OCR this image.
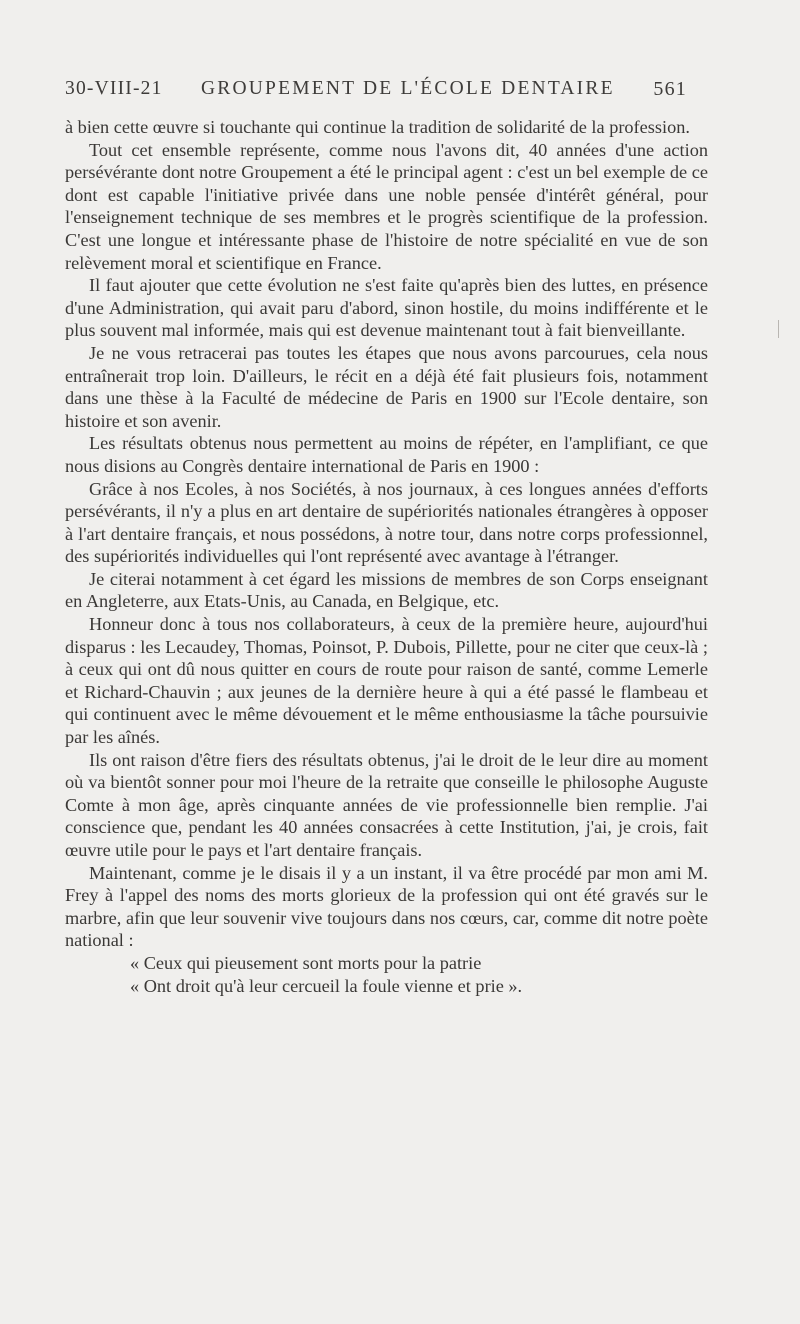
30-VIII-21 GROUPEMENT DE L'ÉCOLE DENTAIRE 561

à bien cette œuvre si touchante qui continue la tradition de solidarité de la profession.

Tout cet ensemble représente, comme nous l'avons dit, 40 années d'une action persévérante dont notre Groupement a été le principal agent : c'est un bel exemple de ce dont est capable l'initiative privée dans une noble pensée d'intérêt général, pour l'enseignement technique de ses membres et le progrès scientifique de la profession. C'est une longue et intéressante phase de l'histoire de notre spécialité en vue de son relèvement moral et scientifique en France.

Il faut ajouter que cette évolution ne s'est faite qu'après bien des luttes, en présence d'une Administration, qui avait paru d'abord, sinon hostile, du moins indifférente et le plus souvent mal informée, mais qui est devenue maintenant tout à fait bienveillante.

Je ne vous retracerai pas toutes les étapes que nous avons parcourues, cela nous entraînerait trop loin. D'ailleurs, le récit en a déjà été fait plusieurs fois, notamment dans une thèse à la Faculté de médecine de Paris en 1900 sur l'Ecole dentaire, son histoire et son avenir.

Les résultats obtenus nous permettent au moins de répéter, en l'amplifiant, ce que nous disions au Congrès dentaire international de Paris en 1900 :

Grâce à nos Ecoles, à nos Sociétés, à nos journaux, à ces longues années d'efforts persévérants, il n'y a plus en art dentaire de supériorités nationales étrangères à opposer à l'art dentaire français, et nous possédons, à notre tour, dans notre corps professionnel, des supériorités individuelles qui l'ont représenté avec avantage à l'étranger.

Je citerai notamment à cet égard les missions de membres de son Corps enseignant en Angleterre, aux Etats-Unis, au Canada, en Belgique, etc.

Honneur donc à tous nos collaborateurs, à ceux de la première heure, aujourd'hui disparus : les Lecaudey, Thomas, Poinsot, P. Dubois, Pillette, pour ne citer que ceux-là ; à ceux qui ont dû nous quitter en cours de route pour raison de santé, comme Lemerle et Richard-Chauvin ; aux jeunes de la dernière heure à qui a été passé le flambeau et qui continuent avec le même dévouement et le même enthousiasme la tâche poursuivie par les aînés.

Ils ont raison d'être fiers des résultats obtenus, j'ai le droit de le leur dire au moment où va bientôt sonner pour moi l'heure de la retraite que conseille le philosophe Auguste Comte à mon âge, après cinquante années de vie professionnelle bien remplie. J'ai conscience que, pendant les 40 années consacrées à cette Institution, j'ai, je crois, fait œuvre utile pour le pays et l'art dentaire français.

Maintenant, comme je le disais il y a un instant, il va être procédé par mon ami M. Frey à l'appel des noms des morts glorieux de la profession qui ont été gravés sur le marbre, afin que leur souvenir vive toujours dans nos cœurs, car, comme dit notre poète national :

« Ceux qui pieusement sont morts pour la patrie

« Ont droit qu'à leur cercueil la foule vienne et prie ».
